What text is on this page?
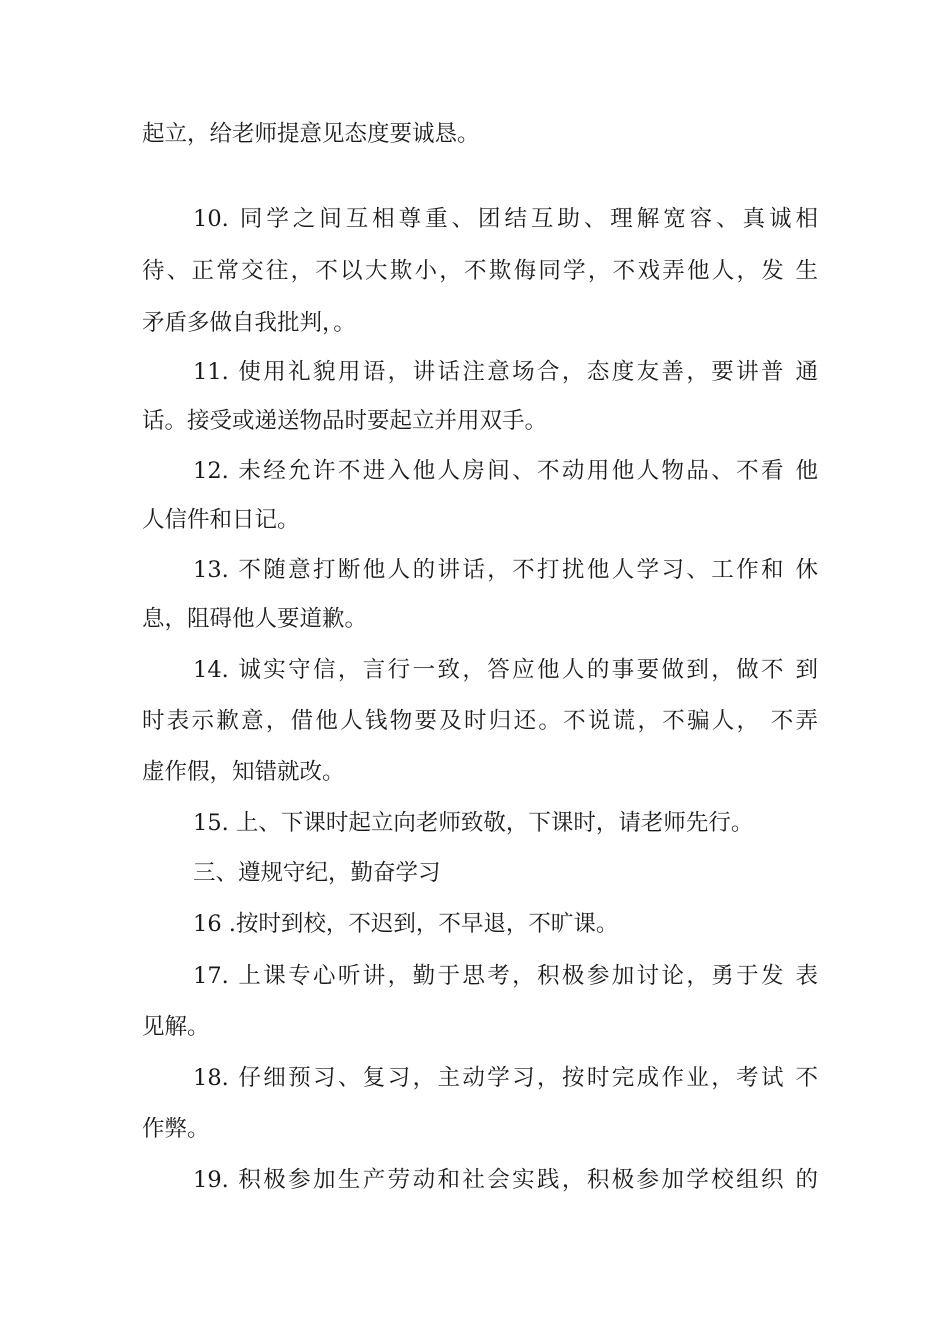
起立，给老师提意见态度要诚恳。
10. 同学之间互相尊重、团结互助、理解宽容、真诚相
待、正常交往，不以大欺小，不欺侮同学，不戏弄他人，发 生
矛盾多做自我批判，。
11. 使用礼貌用语，讲话注意场合，态度友善，要讲普 通
话。接受或递送物品时要起立并用双手。
12. 未经允许不进入他人房间、不动用他人物品、不看 他
人信件和日记。
13. 不随意打断他人的讲话，不打扰他人学习、工作和 休
息，阻碍他人要道歉。
14. 诚实守信，言行一致，答应他人的事要做到，做不 到
时表示歉意，借他人钱物要及时归还。不说谎，不骗人， 不弄
虚作假，知错就改。
15. 上、下课时起立向老师致敬，下课时，请老师先行。
三、遵规守纪，勤奋学习
16 .按时到校，不迟到，不早退，不旷课。
17. 上课专心听讲，勤于思考，积极参加讨论，勇于发 表
见解。
18. 仔细预习、复习，主动学习，按时完成作业，考试 不
作弊。
19. 积极参加生产劳动和社会实践，积极参加学校组织 的
